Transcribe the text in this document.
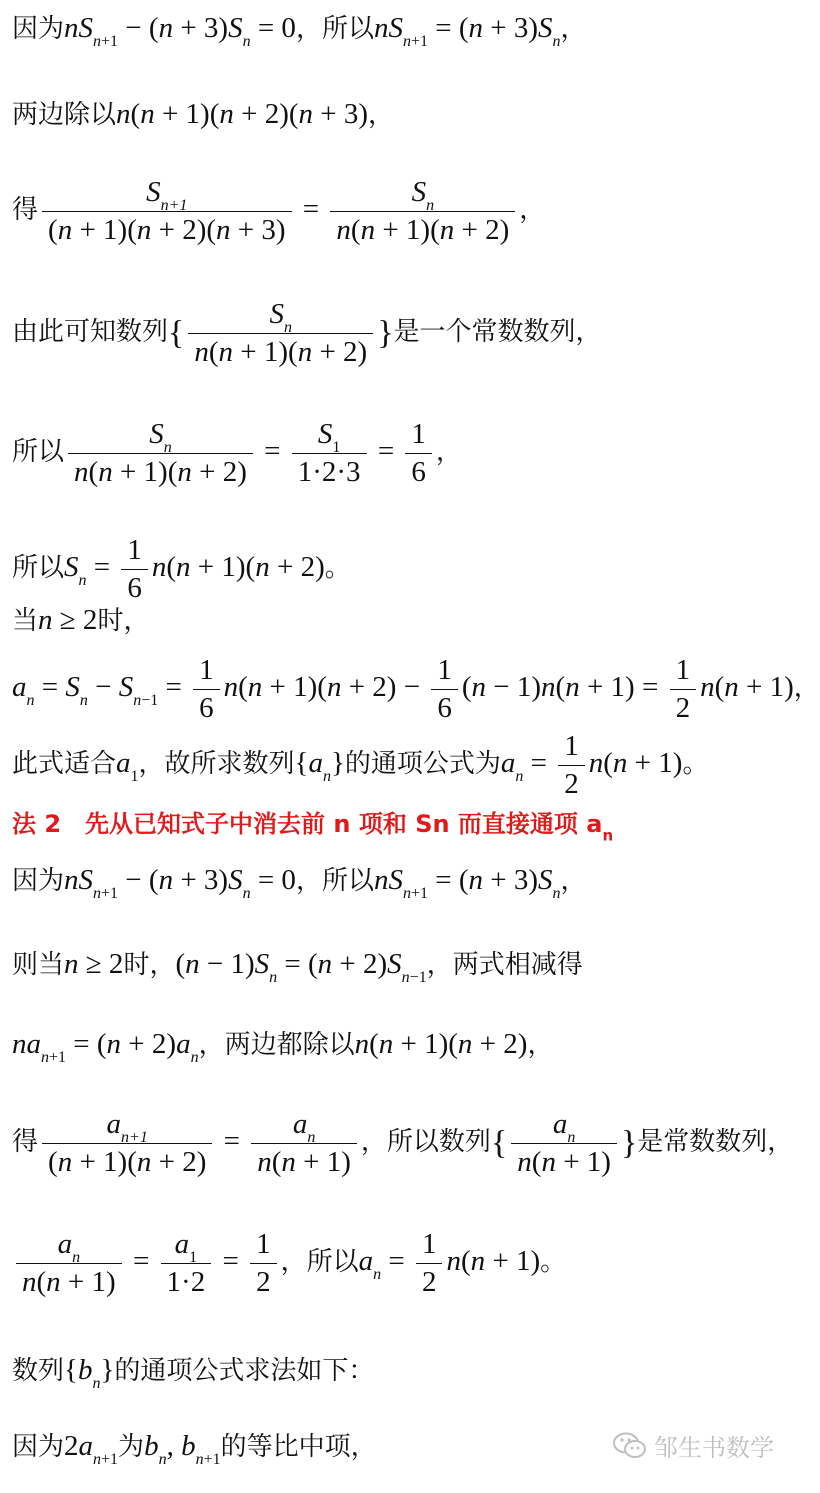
因为$nS_{n+1} - (n + 3)S_n = 0$，所以$nS_{n+1} = (n + 3)S_n$，
两边除以n(n + 1)(n + 2)(n + 3)，
得 $\frac{S_{n+1}}{(n + 1)(n + 2)(n + 3)} = \frac{S_n}{n(n + 1)(n + 2)}$ ，
由此可知数列{ $\frac{S_n}{n(n + 1)(n + 2)}$ }是一个常数数列，
所以 $\frac{S_n}{n(n + 1)(n + 2)} = \frac{S_1}{1\cdot 2\cdot 3} = \frac{1}{6}$ ，
所以$S_n = \frac{1}{6} n(n + 1)(n + 2)$。
当n ≥ 2时，
$a_n = S_n - S_{n-1} = \frac{1}{6} n(n + 1)(n + 2) - \frac{1}{6} (n - 1)n(n + 1) = \frac{1}{2} n(n + 1)$，
此式适合$a_1$，故所求数列$\{a_n\}$的通项公式为$a_n = \frac{1}{2} n(n + 1)$。
法 2　先从已知式子中消去前 n 项和 Sn 而直接通项 $a_n$
因为$nS_{n+1} - (n + 3)S_n = 0$，所以$nS_{n+1} = (n + 3)S_n$，
则当n ≥ 2时，$(n - 1)S_n = (n + 2)S_{n-1}$，两式相减得
$na_{n+1} = (n + 2)a_n$，两边都除以n(n + 1)(n + 2)，
得 $\frac{a_{n+1}}{(n + 1)(n + 2)} = \frac{a_n}{n(n + 1)}$ ，所以数列{ $\frac{a_n}{n(n + 1)}$ }是常数数列，
$\frac{a_n}{n(n + 1)} = \frac{a_1}{1\cdot 2} = \frac{1}{2}$ ，所以$a_n = \frac{1}{2} n(n + 1)$。
数列$\{b_n\}$的通项公式求法如下：
因为$2a_{n+1}$为$b_n$, $b_{n+1}$的等比中项，	邹生书数学
